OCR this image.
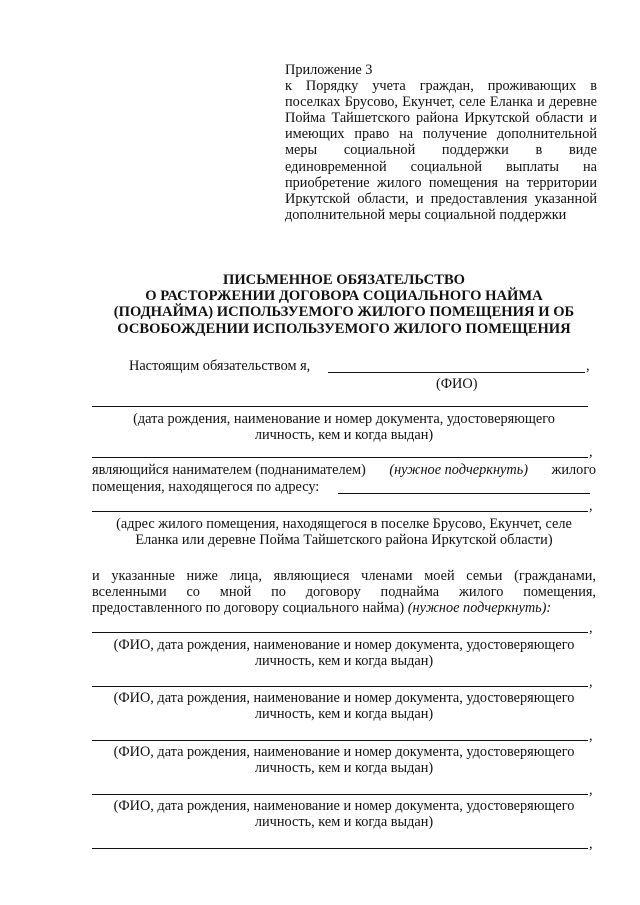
Приложение 3
к Порядку учета граждан, проживающих в поселках Брусово, Екунчет, селе Еланка и деревне Пойма Тайшетского района Иркутской области и имеющих право на получение дополнительной меры социальной поддержки в виде единовременной социальной выплаты на приобретение жилого помещения на территории Иркутской области, и предоставления указанной дополнительной меры социальной поддержки
ПИСЬМЕННОЕ ОБЯЗАТЕЛЬСТВО
О РАСТОРЖЕНИИ ДОГОВОРА СОЦИАЛЬНОГО НАЙМА
(ПОДНАЙМА) ИСПОЛЬЗУЕМОГО ЖИЛОГО ПОМЕЩЕНИЯ И ОБ
ОСВОБОЖДЕНИИ ИСПОЛЬЗУЕМОГО ЖИЛОГО ПОМЕЩЕНИЯ
Настоящим обязательством я,	,
(ФИО)
(дата рождения, наименование и номер документа, удостоверяющего
личность, кем и когда выдан)
,
являющийся нанимателем (поднанимателем) (нужное подчеркнуть) жилого
помещения, находящегося по адресу:
,
(адрес жилого помещения, находящегося в поселке Брусово, Екунчет, селе
Еланка или деревне Пойма Тайшетского района Иркутской области)
и указанные ниже лица, являющиеся членами моей семьи (гражданами,
вселенными со мной по договору поднайма жилого помещения,
предоставленного по договору социального найма) (нужное подчеркнуть):
,
(ФИО, дата рождения, наименование и номер документа, удостоверяющего
личность, кем и когда выдан)
,
(ФИО, дата рождения, наименование и номер документа, удостоверяющего
личность, кем и когда выдан)
,
(ФИО, дата рождения, наименование и номер документа, удостоверяющего
личность, кем и когда выдан)
,
(ФИО, дата рождения, наименование и номер документа, удостоверяющего
личность, кем и когда выдан)
,
